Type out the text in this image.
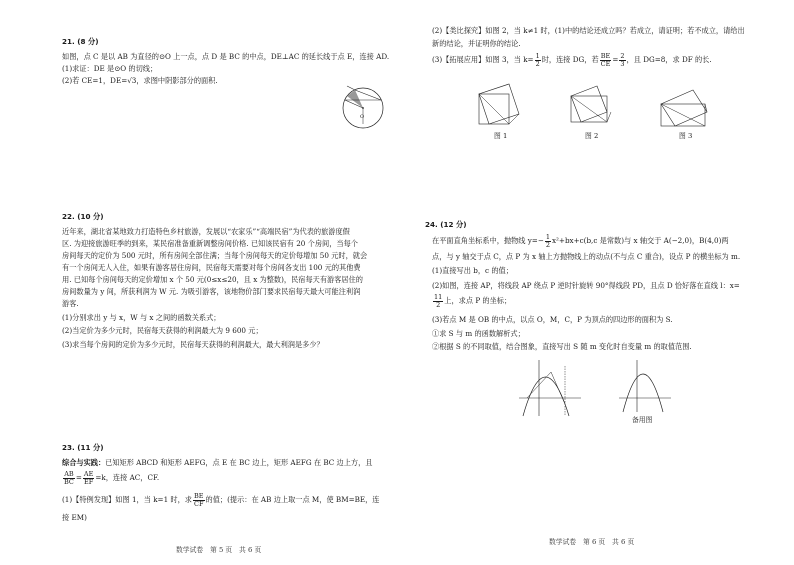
21. (8 分)
如图，点 C 是以 AB 为直径的⊙O 上一点，点 D 是 BC 的中点，DE⊥AC 的延长线于点 E，连接 AD.
(1)求证：DE 是⊙O 的切线；
(2)若 CE=1，DE=√3，求图中阴影部分的面积.
O
22. (10 分)
近年来，湖北省某地致力打造特色乡村旅游，发展以“农家乐”“高端民宿”为代表的旅游度假
区. 为迎接旅游旺季的到来，某民宿准备重新调整房间价格. 已知该民宿有 20 个房间，当每个
房间每天的定价为 500 元时，所有房间全部住满；当每个房间每天的定价每增加 50 元时，就会
有一个房间无人入住，如果有游客居住房间，民宿每天需要对每个房间各支出 100 元的其他费
用. 已知每个房间每天的定价增加 x 个 50 元(0≤x≤20，且 x 为整数)，民宿每天有游客居住的
房间数量为 y 间，所获利润为 W 元. 为吸引游客，该地物价部门要求民宿每天最大可能注利润
游客.
(1)分别求出 y 与 x，W 与 x 之间的函数关系式；
(2)当定价为多少元时，民宿每天获得的利润最大为 9 600 元；
(3)求当每个房间的定价为多少元时，民宿每天获得的利润最大，最大利润是多少？
23. (11 分)
综合与实践：已知矩形 ABCD 和矩形 AEFG，点 E 在 BC 边上，矩形 AEFG 在 BC 边上方，且
$\frac{AB}{BC} = \frac{AE}{EF} =k$，连接 AC，CF.
(1)【特例发现】如图 1，当 k=1 时，求 $\frac{BE}{CF}$ 的值；(提示：在 AB 边上取一点 M，使 BM=BE，连
接 EM)
数学试卷　第 5 页　共 6 页
(2)【类比探究】如图 2，当 k≠1 时，(1)中的结论还成立吗？若成立，请证明；若不成立，请给出
新的结论，并证明你的结论.
(3)【拓展应用】如图 3，当 $k= \frac{1}{2}$ 时，连接 DG，若 $\frac{BE}{CE} = \frac{2}{3}$ ，且 DG=8，求 DF 的长.
图 1	图 2	图 3
24. (12 分)
在平面直角坐标系中，抛物线 $y=- \frac{1}{2} x^2+bx+c(b,c$ 是常数)与 x 轴交于 A(−2,0)，B(4,0)两
点，与 y 轴交于点 C，点 P 为 x 轴上方抛物线上的动点(不与点 C 重合)，设点 P 的横坐标为 m.
(1)直接写出 b，c 的值；
(2)如图，连接 AP，将线段 AP 绕点 P 逆时针旋转 90°得线段 PD，且点 D 恰好落在直线 l：x=
$\frac{11}{2}$ 上，求点 P 的坐标；
(3)若点 M 是 OB 的中点，以点 O，M，C，P 为顶点的四边形的面积为 S.
①求 S 与 m 的函数解析式；
②根据 S 的不同取值，结合图象，直接写出 S 随 m 变化时自变量 m 的取值范围.
备用图
数学试卷　第 6 页　共 6 页
